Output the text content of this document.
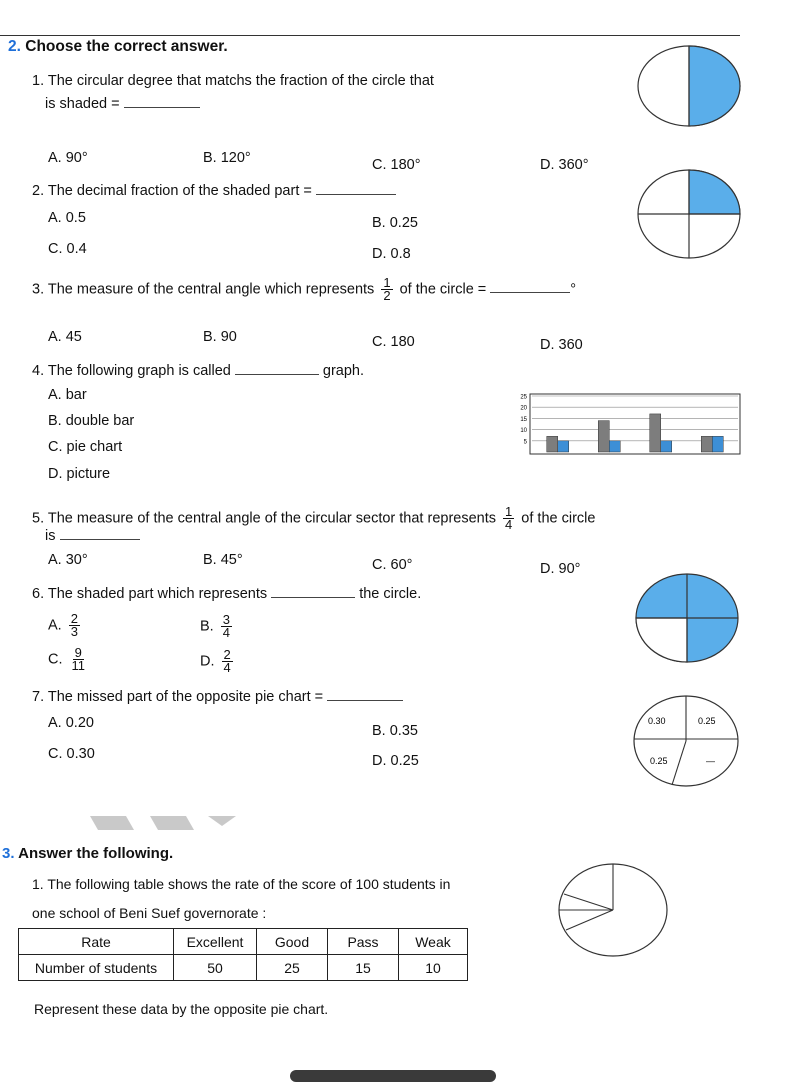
2. Choose the correct answer.
1. The circular degree that matchs the fraction of the circle that
is shaded =
A. 90°	B. 120°	C. 180°	D. 360°
2. The decimal fraction of the shaded part =
A. 0.5	B. 0.25
C. 0.4	D. 0.8
3. The measure of the central angle which represents $\frac{1}{2}$ of the circle =	°
A. 45	B. 90	C. 180	D. 360
4. The following graph is called	graph.
A. bar
B. double bar
C. pie chart
D. picture
25
20
15
10
5
5. The measure of the central angle of the circular sector that represents $\frac{1}{4}$ of the circle
is
A. 30°	B. 45°	C. 60°	D. 90°
6. The shaded part which represents	the circle.
A. $\frac{2}{3}$	B. $\frac{3}{4}$
C. $\frac{9}{11}$	D. $\frac{2}{4}$
7. The missed part of the opposite pie chart =
0.30	0.25
0.25	—
A. 0.20	B. 0.35
C. 0.30	D. 0.25
3. Answer the following.
1. The following table shows the rate of the score of 100 students in
one school of Beni Suef governorate :
Rate	Excellent	Good	Pass	Weak
Number of students	50	25	15	10
Represent these data by the opposite pie chart.
